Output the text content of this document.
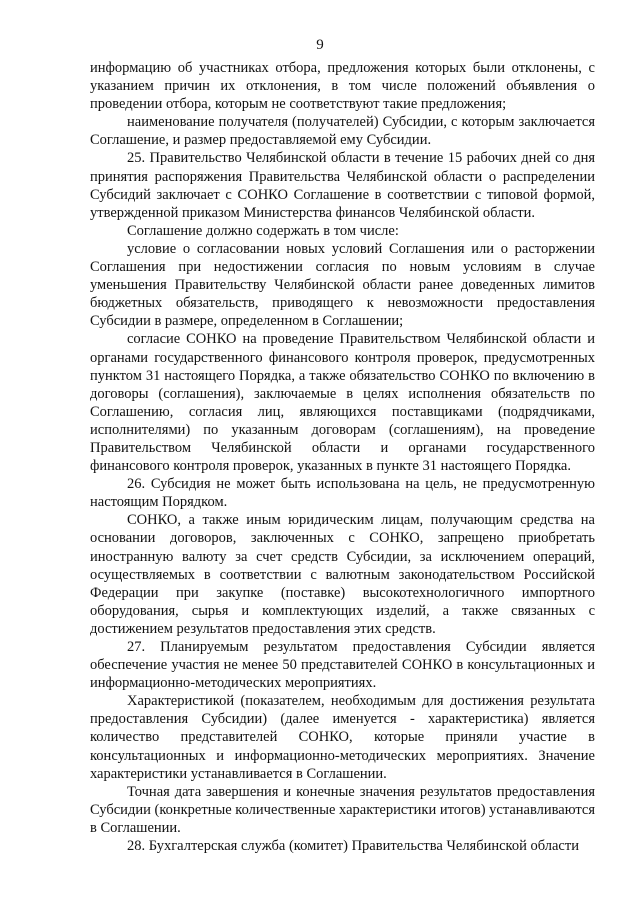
9

информацию об участниках отбора, предложения которых были отклонены, с указанием причин их отклонения, в том числе положений объявления о проведении отбора, которым не соответствуют такие предложения;

наименование получателя (получателей) Субсидии, с которым заключается Соглашение, и размер предоставляемой ему Субсидии.

25. Правительство Челябинской области в течение 15 рабочих дней со дня принятия распоряжения Правительства Челябинской области о распределении Субсидий заключает с СОНКО Соглашение в соответствии с типовой формой, утвержденной приказом Министерства финансов Челябинской области.

Соглашение должно содержать в том числе:

условие о согласовании новых условий Соглашения или о расторжении Соглашения при недостижении согласия по новым условиям в случае уменьшения Правительству Челябинской области ранее доведенных лимитов бюджетных обязательств, приводящего к невозможности предоставления Субсидии в размере, определенном в Соглашении;

согласие СОНКО на проведение Правительством Челябинской области и органами государственного финансового контроля проверок, предусмотренных пунктом 31 настоящего Порядка, а также обязательство СОНКО по включению в договоры (соглашения), заключаемые в целях исполнения обязательств по Соглашению, согласия лиц, являющихся поставщиками (подрядчиками, исполнителями) по указанным договорам (соглашениям), на проведение Правительством Челябинской области и органами государственного финансового контроля проверок, указанных в пункте 31 настоящего Порядка.

26. Субсидия не может быть использована на цель, не предусмотренную настоящим Порядком.

СОНКО, а также иным юридическим лицам, получающим средства на основании договоров, заключенных с СОНКО, запрещено приобретать иностранную валюту за счет средств Субсидии, за исключением операций, осуществляемых в соответствии с валютным законодательством Российской Федерации при закупке (поставке) высокотехнологичного импортного оборудования, сырья и комплектующих изделий, а также связанных с достижением результатов предоставления этих средств.

27. Планируемым результатом предоставления Субсидии является обеспечение участия не менее 50 представителей СОНКО в консультационных и информационно-методических мероприятиях.

Характеристикой (показателем, необходимым для достижения результата предоставления Субсидии) (далее именуется - характеристика) является количество представителей СОНКО, которые приняли участие в консультационных и информационно-методических мероприятиях. Значение характеристики устанавливается в Соглашении.

Точная дата завершения и конечные значения результатов предоставления Субсидии (конкретные количественные характеристики итогов) устанавливаются в Соглашении.

28. Бухгалтерская служба (комитет) Правительства Челябинской области
